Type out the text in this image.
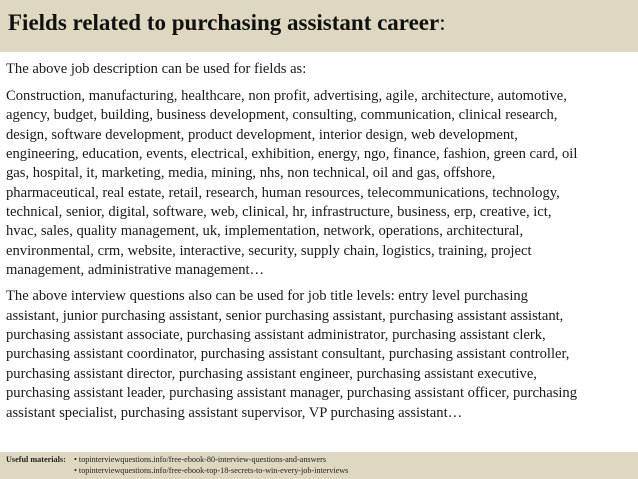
Fields related to purchasing assistant career:

The above job description can be used for fields as:

Construction, manufacturing, healthcare, non profit, advertising, agile, architecture, automotive,
agency, budget, building, business development, consulting, communication, clinical research,
design, software development, product development, interior design, web development,
engineering, education, events, electrical, exhibition, energy, ngo, finance, fashion, green card, oil
gas, hospital, it, marketing, media, mining, nhs, non technical, oil and gas, offshore,
pharmaceutical, real estate, retail, research, human resources, telecommunications, technology,
technical, senior, digital, software, web, clinical, hr, infrastructure, business, erp, creative, ict,
hvac, sales, quality management, uk, implementation, network, operations, architectural,
environmental, crm, website, interactive, security, supply chain, logistics, training, project
management, administrative management…

The above interview questions also can be used for job title levels: entry level purchasing
assistant, junior purchasing assistant, senior purchasing assistant, purchasing assistant assistant,
purchasing assistant associate, purchasing assistant administrator, purchasing assistant clerk,
purchasing assistant coordinator, purchasing assistant consultant, purchasing assistant controller,
purchasing assistant director, purchasing assistant engineer, purchasing assistant executive,
purchasing assistant leader, purchasing assistant manager, purchasing assistant officer, purchasing
assistant specialist, purchasing assistant supervisor, VP purchasing assistant…

Useful materials: • topinterviewquestions.info/free-ebook-80-interview-questions-and-answers
• topinterviewquestions.info/free-ebook-top-18-secrets-to-win-every-job-interviews
